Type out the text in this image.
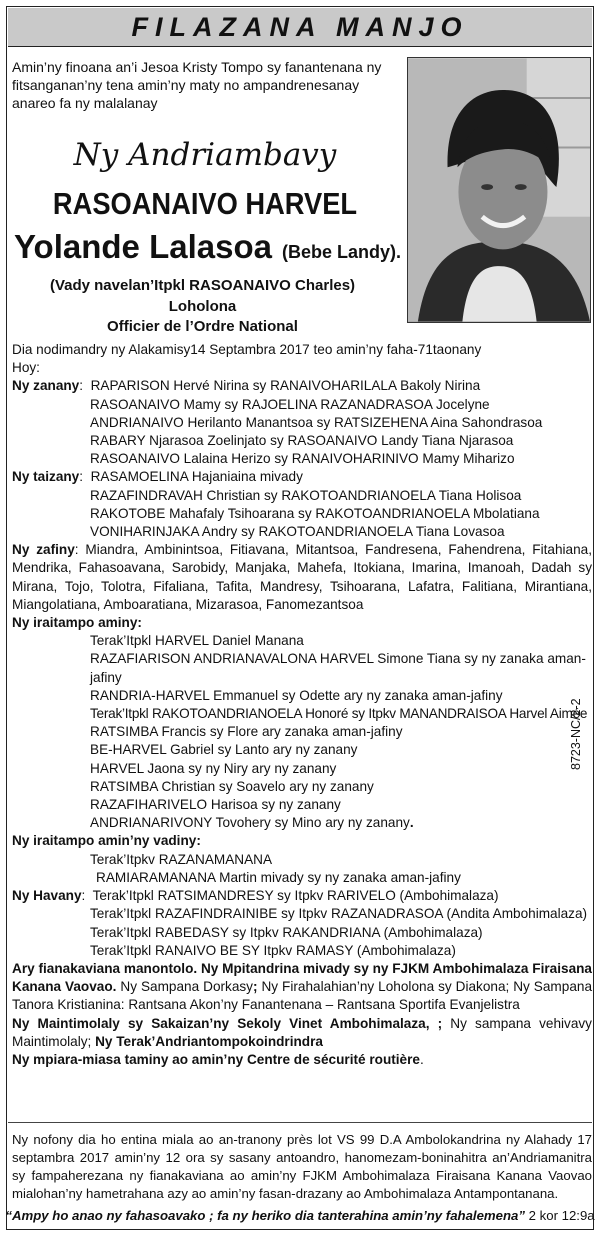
FILAZANA MANJO
Amin’ny finoana an’i Jesoa Kristy Tompo sy fanantenana ny fitsanganan’ny tena amin’ny maty no ampandrenesanay anareo fa ny malalanay
Ny Andriambavy
RASOANAIVO HARVEL
Yolande Lalasoa (Bebe Landy).
(Vady navelan’Itpkl RASOANAIVO Charles)
Loholona
Officier de l’Ordre National

Dia nodimandry ny Alakamisy14 Septambra 2017 teo amin’ny faha-71taonany

Hoy:

Ny zanany:  RAPARISON Hervé Nirina sy RANAIVOHARILALA Bakoly Nirina

RASOANAIVO Mamy sy RAJOELINA RAZANADRASOA Jocelyne

ANDRIANAIVO Herilanto Manantsoa sy RATSIZEHENA Aina Sahondrasoa

RABARY Njarasoa Zoelinjato sy RASOANAIVO Landy Tiana Njarasoa

RASOANAIVO Lalaina Herizo sy RANAIVOHARINIVO Mamy Miharizo

Ny taizany:  RASAMOELINA Hajaniaina mivady

RAZAFINDRAVAH Christian sy RAKOTOANDRIANOELA Tiana Holisoa

RAKOTOBE Mahafaly Tsihoarana sy RAKOTOANDRIANOELA Mbolatiana

VONIHARINJAKA Andry sy RAKOTOANDRIANOELA Tiana Lovasoa

Ny zafiny: Miandra, Ambinintsoa, Fitiavana, Mitantsoa, Fandresena, Fahendrena, Fitahiana, Mendrika, Fahasoavana, Sarobidy, Manjaka, Mahefa, Itokiana, Imarina, Imanoah, Dadah sy Mirana, Tojo, Tolotra, Fifaliana, Tafita, Mandresy, Tsihoarana, Lafatra, Falitiana, Mirantiana, Miangolatiana, Amboaratiana, Mizarasoa, Fanomezantsoa

Ny iraitampo aminy:

Terak’Itpkl HARVEL Daniel Manana

RAZAFIARISON ANDRIANAVALONA HARVEL Simone Tiana sy ny zanaka aman-jafiny

RANDRIA-HARVEL Emmanuel sy Odette ary ny zanaka aman-jafiny

Terak’Itpkl RAKOTOANDRIANOELA Honoré sy Itpkv MANANDRAISOA Harvel Aimée

RATSIMBA Francis sy Flore ary zanaka aman-jafiny

BE-HARVEL Gabriel sy Lanto ary ny zanany

HARVEL Jaona sy ny Niry ary ny zanany

RATSIMBA Christian sy Soavelo ary ny zanany

RAZAFIHARIVELO Harisoa sy ny zanany

ANDRIANARIVONY Tovohery sy Mino ary ny zanany.

Ny iraitampo amin’ny vadiny:

Terak’Itpkv RAZANAMANANA

RAMIARAMANANA Martin mivady sy ny zanaka aman-jafiny

Ny Havany:  Terak’Itpkl RATSIMANDRESY sy Itpkv RARIVELO (Ambohimalaza)

Terak’Itpkl RAZAFINDRAINIBE sy Itpkv RAZANADRASOA (Andita Ambohimalaza)

Terak’Itpkl RABEDASY sy Itpkv RAKANDRIANA (Ambohimalaza)

Terak’Itpkl RANAIVO BE SY Itpkv RAMASY (Ambohimalaza)

Ary fianakaviana manontolo. Ny Mpitandrina mivady sy ny FJKM Ambohimalaza Firaisana Kanana Vaovao. Ny Sampana Dorkasy; Ny Firahalahian’ny Loholona sy Diakona; Ny Sampana Tanora Kristianina: Rantsana Akon’ny Fanantenana – Rantsana Sportifa Evanjelistra

Ny Maintimolaly sy Sakaizan’ny Sekoly Vinet Ambohimalaza, ; Ny sampana vehivavy Maintimolaly; Ny Terak’Andriantompokoindrindra

Ny mpiara-miasa taminy ao amin’ny Centre de sécurité routière.

8723-NC/2-2
Ny nofony dia ho entina miala ao an-tranony près lot VS 99 D.A Ambolokandrina ny Alahady 17 septambra 2017 amin’ny 12 ora sy sasany antoandro, hanomezam-boninahitra an’Andriamanitra sy fampaherezana ny fianakaviana ao amin’ny FJKM Ambohimalaza Firaisana Kanana Vaovao mialohan’ny hametrahana azy ao amin’ny fasan-drazany ao Ambohimalaza Antampontanana.
“Ampy ho anao ny fahasoavako ; fa ny heriko dia tanterahina amin’ny fahalemena” 2 kor 12:9a
